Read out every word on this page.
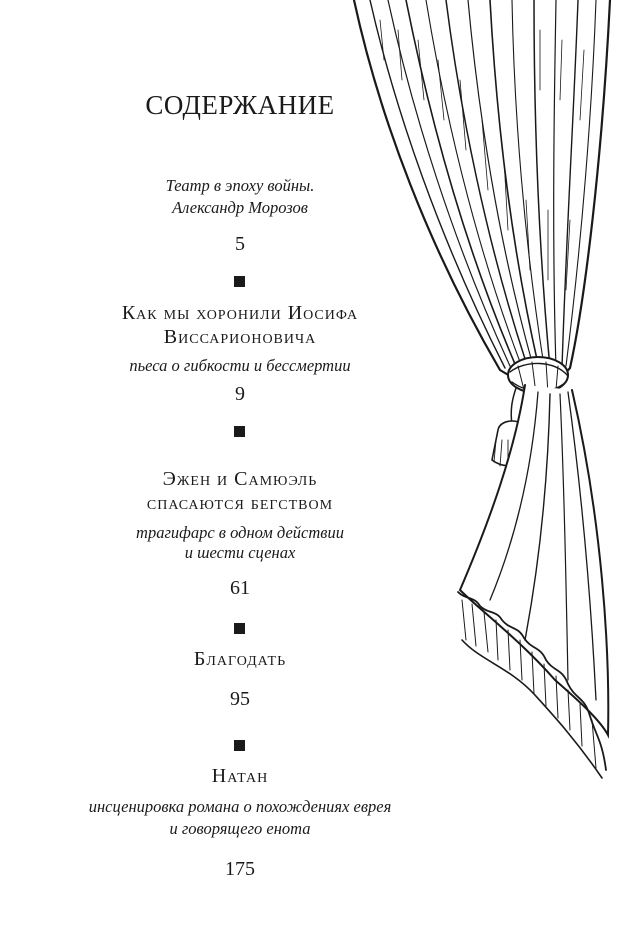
СОДЕРЖАНИЕ

Театр в эпоху войны.

Александр Морозов

5

Как мы хоронили Иосифа

Виссарионовича

пьеса о гибкости и бессмертии

9

Эжен и Самюэль

спасаются бегством

трагифарс в одном действии

и шести сценах

61

Благодать

95

Натан

инсценировка романа о похождениях еврея

и говорящего енота

175
